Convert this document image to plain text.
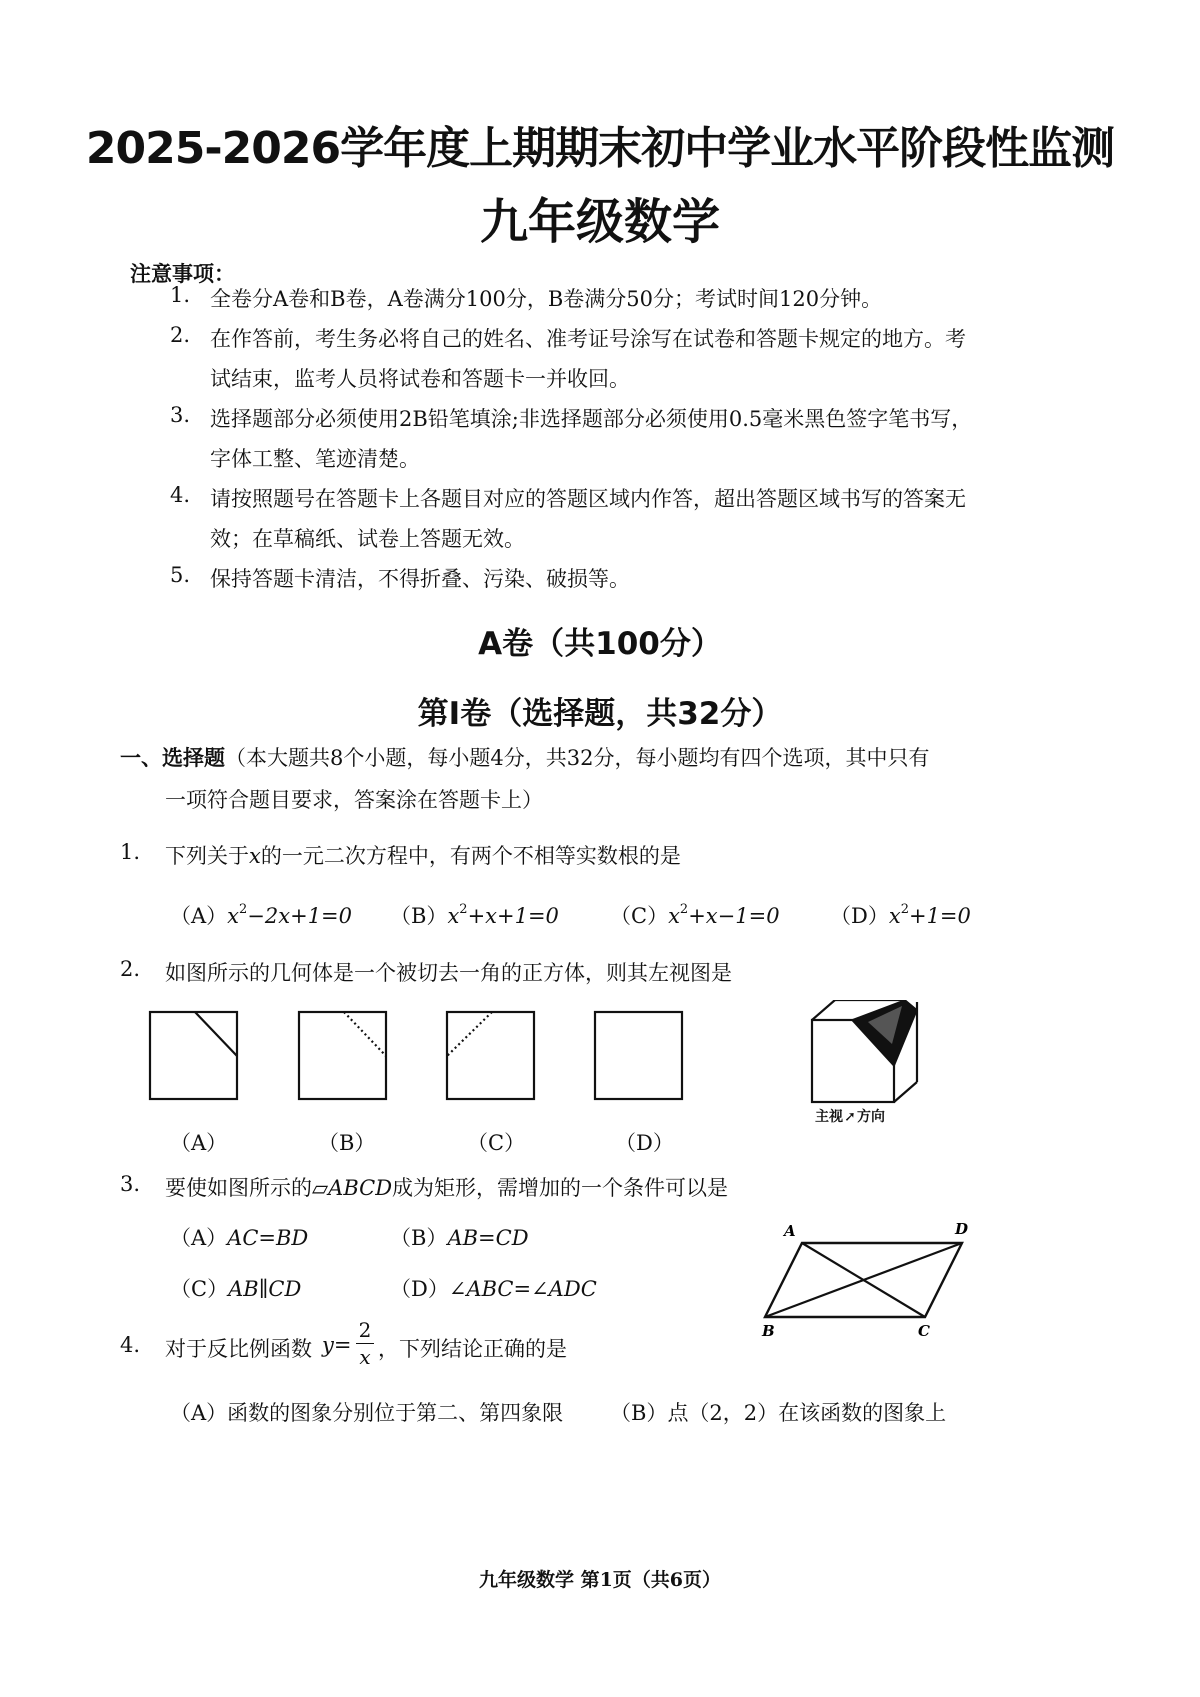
2025-2026学年度上期期末初中学业水平阶段性监测
九年级数学
注意事项：
1. 全卷分A卷和B卷，A卷满分100分，B卷满分50分；考试时间120分钟。
2. 在作答前，考生务必将自己的姓名、准考证号涂写在试卷和答题卡规定的地方。考
试结束，监考人员将试卷和答题卡一并收回。
3. 选择题部分必须使用2B铅笔填涂;非选择题部分必须使用0.5毫米黑色签字笔书写，
字体工整、笔迹清楚。
4. 请按照题号在答题卡上各题目对应的答题区域内作答，超出答题区域书写的答案无
效；在草稿纸、试卷上答题无效。
5. 保持答题卡清洁，不得折叠、污染、破损等。
A卷（共100分）
第Ⅰ卷（选择题，共32分）
一、选择题（本大题共8个小题，每小题4分，共32分，每小题均有四个选项，其中只有
一项符合题目要求，答案涂在答题卡上）
1. 下列关于x的一元二次方程中，有两个不相等实数根的是
$(A)x^2-2x+1=0$ $(B)x^2+x+1=0$ $(C)x^2+x-1=0$ $(D)x^2+1=0$
2. 如图所示的几何体是一个被切去一角的正方体，则其左视图是
主视➚方向
（A）	（B）	（C）	（D）
3. 要使如图所示的▱ABCD成为矩形，需增加的一个条件可以是
（A）AC=BD	（B）AB=CD
（C）AB∥CD	（D）∠ABC=∠ADC
A	D
B	C
4. 对于反比例函数 y=
2
x ，下列结论正确的是
（A）函数的图象分别位于第二、第四象限 （B）点（2，2）在该函数的图象上
九年级数学 第1页（共6页）
